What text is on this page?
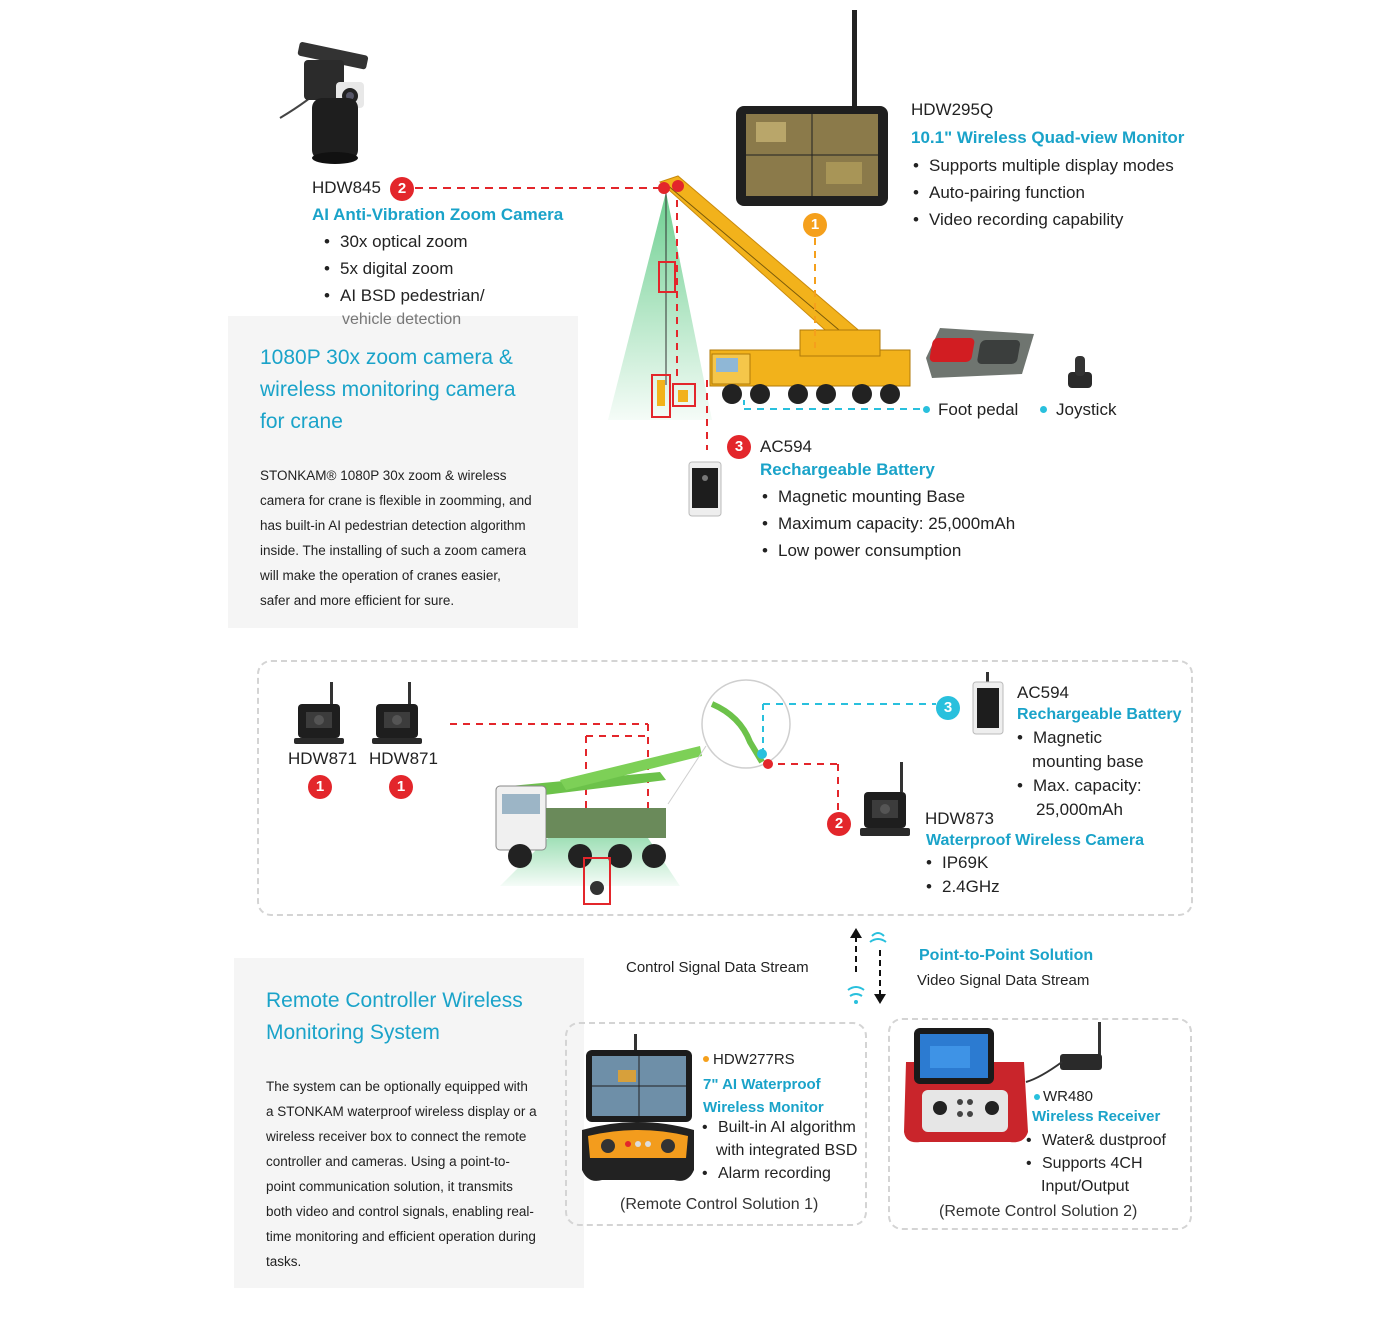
HDW845	2
AI Anti-Vibration Zoom Camera
• 30x optical zoom
• 5x digital zoom
• AI BSD pedestrian/
vehicle detection
1080P 30x zoom camera &
wireless monitoring camera
for crane
STONKAM® 1080P 30x zoom & wireless
camera for crane is flexible in zoomming, and
has built-in AI pedestrian detection algorithm
inside. The installing of such a zoom camera
will make the operation of cranes easier,
safer and more efficient for sure.
1
HDW295Q
10.1" Wireless Quad-view Monitor
• Supports multiple display modes
• Auto-pairing function
• Video recording capability
Foot pedal Joystick
3 AC594
Rechargeable Battery
• Magnetic mounting Base
• Maximum capacity: 25,000mAh
• Low power consumption
HDW871 HDW871
1	1
3
AC594
Rechargeable Battery
• Magnetic
mounting base
• Max. capacity:
25,000mAh
2	HDW873
Waterproof Wireless Camera
• IP69K
• 2.4GHz
Control Signal Data Stream
Point-to-Point Solution
Video Signal Data Stream
Remote Controller Wireless
Monitoring System
The system can be optionally equipped with
a STONKAM waterproof wireless display or a
wireless receiver box to connect the remote
controller and cameras. Using a point-to-
point communication solution, it transmits
both video and control signals, enabling real-
time monitoring and efficient operation during
tasks.
HDW277RS
7" AI Waterproof
Wireless Monitor
• Built-in AI algorithm
with integrated BSD
• Alarm recording
(Remote Control Solution 1)
WR480
Wireless Receiver
• Water& dustproof
• Supports 4CH
Input/Output
(Remote Control Solution 2)
